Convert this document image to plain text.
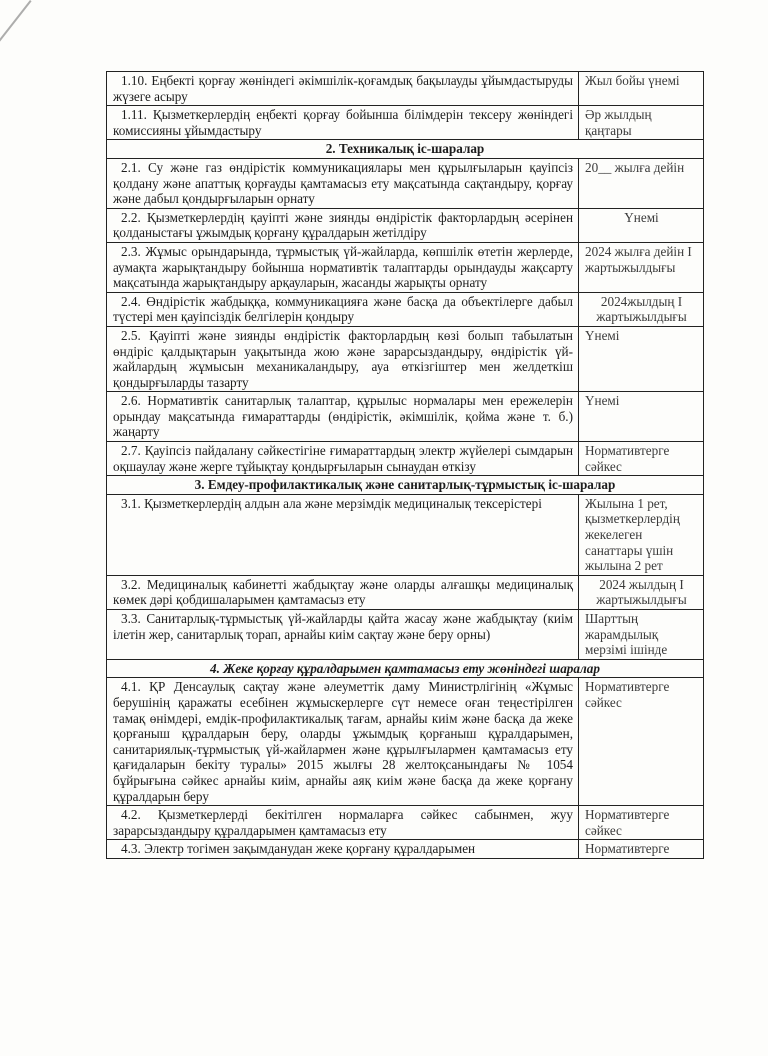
1.10. Еңбекті қорғау жөніндегі әкімшілік-қоғамдық бақылауды ұйымдастыруды жүзеге асыру	Жыл бойы үнемі
1.11. Қызметкерлердің еңбекті қорғау бойынша білімдерін тексеру жөніндегі комиссияны ұйымдастыру	Әр жылдың қаңтары
2. Техникалық іс-шаралар	
2.1. Су және газ өндірістік коммуникациялары мен құрылғыларын қауіпсіз қолдану және апаттық қорғауды қамтамасыз ету мақсатында сақтандыру, қорғау және дабыл қондырғыларын орнату	20__ жылға дейін
2.2. Қызметкерлердің қауіпті және зиянды өндірістік факторлардың әсерінен қолданыстағы ұжымдық қорғану құралдарын жетілдіру	Үнемі
2.3. Жұмыс орындарында, тұрмыстық үй-жайларда, көпшілік өтетін жерлерде, аумақта жарықтандыру бойынша нормативтік талаптарды орындауды жақсарту мақсатында жарықтандыру арқауларын, жасанды жарықты орнату	2024 жылға дейін І жартыжылдығы
2.4. Өндірістік жабдыққа, коммуникацияға және басқа да объектілерге дабыл түстері мен қауіпсіздік белгілерін қондыру	2024жылдың І жартыжылдығы
2.5. Қауіпті және зиянды өндірістік факторлардың көзі болып табылатын өндіріс қалдықтарын уақытында жою және зарарсыздандыру, өндірістік үй-жайлардың жұмысын механикаландыру, ауа өткізгіштер мен желдеткіш қондырғыларды тазарту	Үнемі
2.6. Нормативтік санитарлық талаптар, құрылыс нормалары мен ережелерін орындау мақсатында ғимараттарды (өндірістік, әкімшілік, қойма және т. б.) жаңарту	Үнемі
2.7. Қауіпсіз пайдалану сәйкестігіне ғимараттардың электр жүйелері сымдарын оқшаулау және жерге тұйықтау қондырғыларын сынаудан өткізу	Нормативтерге сәйкес
3. Емдеу-профилактикалық және санитарлық-тұрмыстық іс-шаралар	
3.1. Қызметкерлердің алдын ала және мерзімдік медициналық тексерістері	Жылына 1 рет, қызметкерлердің жекелеген санаттары үшін жылына 2 рет
3.2. Медициналық кабинетті жабдықтау және оларды алғашқы медициналық көмек дәрі қобдишаларымен қамтамасыз ету	2024 жылдың І жартыжылдығы
3.3. Санитарлық-тұрмыстық үй-жайларды қайта жасау және жабдықтау (киім ілетін жер, санитарлық торап, арнайы киім сақтау және беру орны)	Шарттың жарамдылық мерзімі ішінде
4. Жеке қорғау құралдарымен қамтамасыз ету жөніндегі шаралар	
4.1. ҚР Денсаулық сақтау және әлеуметтік даму Министрлігінің «Жұмыс берушінің қаражаты есебінен жұмыскерлерге сүт немесе оған теңестірілген тамақ өнімдері, емдік-профилактикалық тағам, арнайы киім және басқа да жеке қорғаныш құралдарын беру, оларды ұжымдық қорғаныш құралдарымен, санитариялық-тұрмыстық үй-жайлармен және құрылғылармен қамтамасыз ету қағидаларын бекіту туралы» 2015 жылғы 28 желтоқсанындағы № 1054 бұйрығына сәйкес арнайы киім, арнайы аяқ киім және басқа да жеке қорғану құралдарын беру	Нормативтерге сәйкес
4.2. Қызметкерлерді бекітілген нормаларға сәйкес сабынмен, жуу зарарсыздандыру құралдарымен қамтамасыз ету	Нормативтерге сәйкес
4.3. Электр тогімен зақымданудан жеке қорғану құралдарымен	Нормативтерге
